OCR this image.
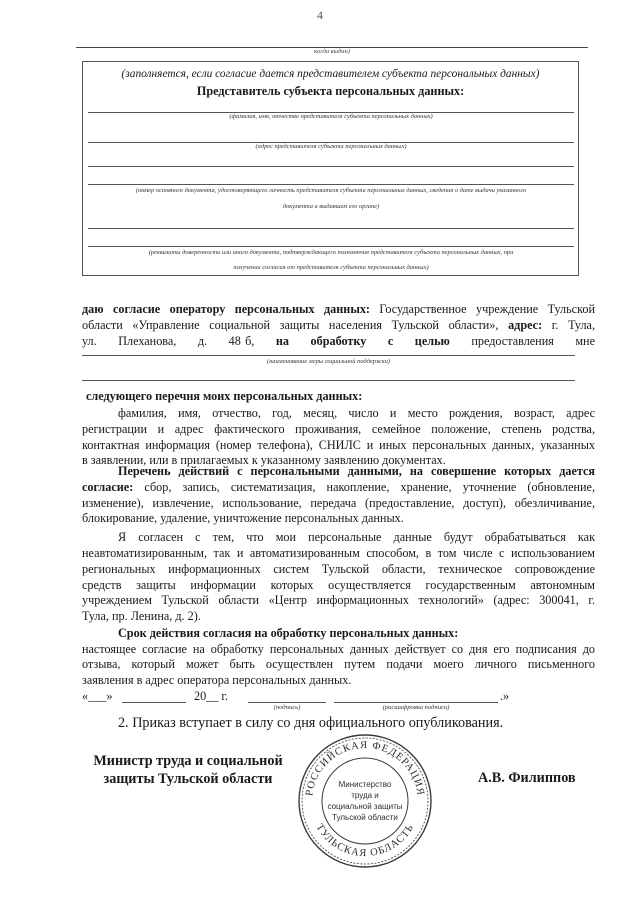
4
когда выдан)
(заполняется, если согласие дается представителем субъекта персональных данных)
Представитель субъекта персональных данных:
(фамилия, имя, отчество представителя субъекта персональных данных)
(адрес представителя субъекта персональных данных)
(номер основного документа, удостоверяющего личность представителя субъекта персональных данных, сведения о дате выдачи указанного
документа и выдавшем его органе)
(реквизиты доверенности или иного документа, подтверждающего полномочия представителя субъекта персональных данных, при
получении согласия от представителя субъекта персональных данных)
даю согласие оператору персональных данных: Государственное учреждение Тульской
области «Управление социальной защиты населения Тульской области», адрес: г. Тула,
ул.     Плеханова,     д.     48 б,     на     обработку     с     целью     предоставления     мне
(наименование меры социальной поддержки)
следующего перечня моих персональных данных:
фамилия, имя, отчество, год, месяц, число и место рождения, возраст, адрес
регистрации и адрес фактического проживания, семейное положение, степень родства,
контактная информация (номер телефона), СНИЛС и иных персональных данных, указанных
в заявлении, или в прилагаемых к указанному заявлению документах.
Перечень действий с персональными данными, на совершение которых дается
согласие: сбор, запись, систематизация, накопление, хранение, уточнение (обновление,
изменение), извлечение, использование, передача (предоставление, доступ), обезличивание,
блокирование, удаление, уничтожение персональных данных.
Я согласен с тем, что мои персональные данные будут обрабатываться как
неавтоматизированным, так и автоматизированным способом, в том числе с использованием
региональных информационных систем Тульской области, техническое сопровождение
средств защиты информации которых осуществляется государственным автономным
учреждением Тульской области «Центр информационных технологий» (адрес: 300041, г.
Тула, пр. Ленина, д. 2).
Срок действия согласия на обработку персональных данных:
настоящее согласие на обработку персональных данных действует со дня его подписания до
отзыва, который может быть осуществлен путем подачи моего личного письменного
заявления в адрес оператора персональных данных.
«___»	20__ г.
(подпись)	(расшифровка подписи)
.»
2. Приказ вступает в силу со дня официального опубликования.
Министр труда и социальной
защиты Тульской области	А.В. Филиппов
РОССИЙСКАЯ ФЕДЕРАЦИЯ
ТУЛЬСКАЯ ОБЛАСТЬ
Министерство
труда и
социальной защиты
Тульской области
